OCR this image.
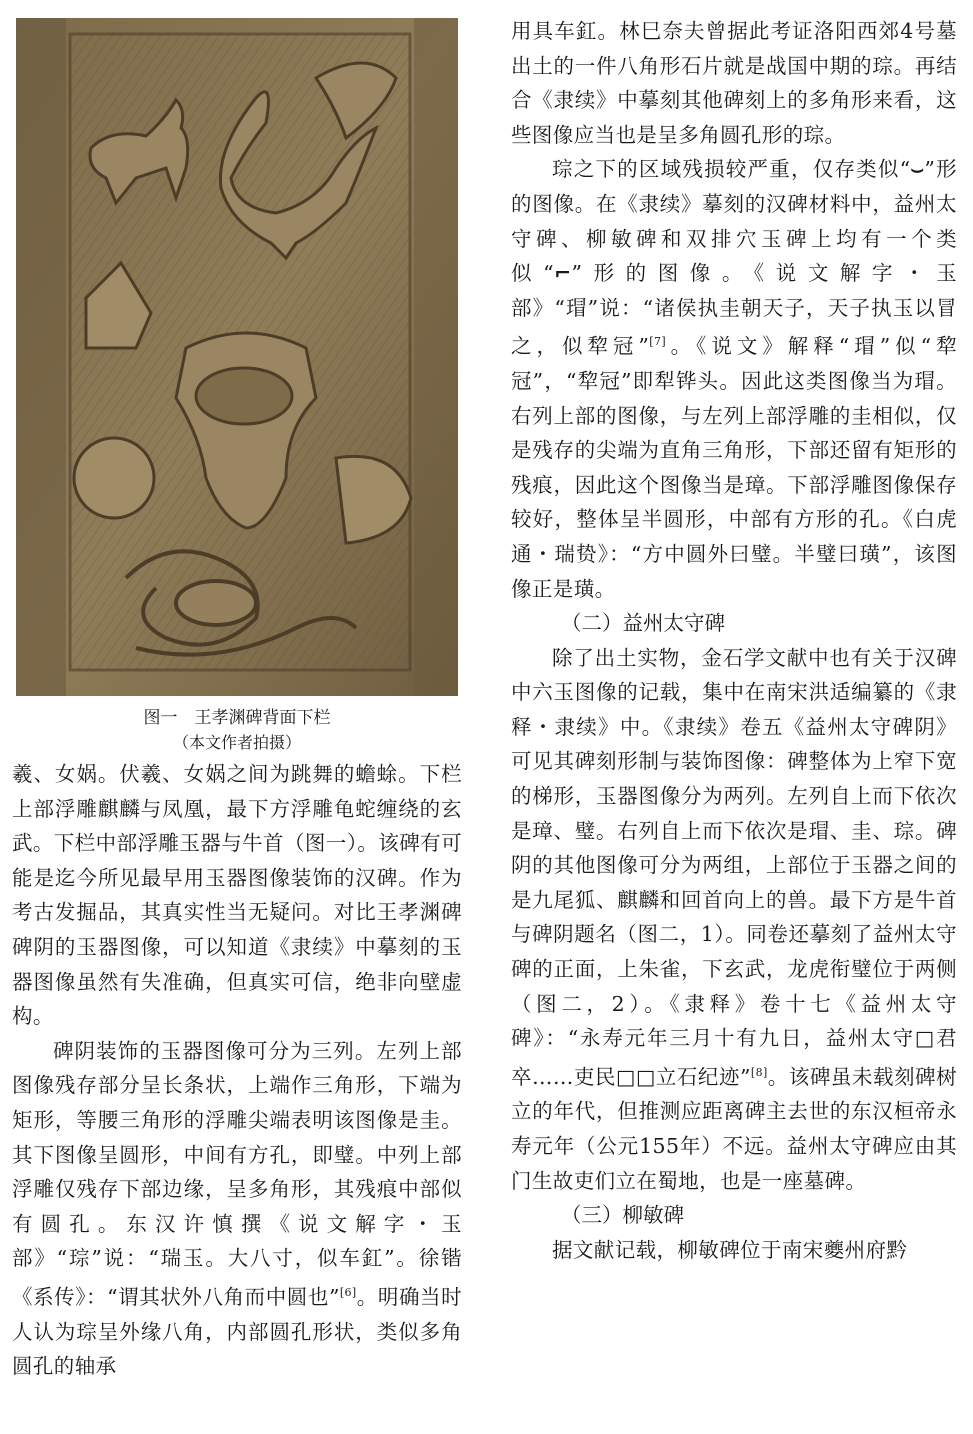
图一　王孝渊碑背面下栏
（本文作者拍摄）

羲、女娲。伏羲、女娲之间为跳舞的蟾蜍。下栏上部浮雕麒麟与凤凰，最下方浮雕龟蛇缠绕的玄武。下栏中部浮雕玉器与牛首（图一）。该碑有可能是迄今所见最早用玉器图像装饰的汉碑。作为考古发掘品，其真实性当无疑问。对比王孝渊碑碑阴的玉器图像，可以知道《隶续》中摹刻的玉器图像虽然有失准确，但真实可信，绝非向壁虚构。

碑阴装饰的玉器图像可分为三列。左列上部图像残存部分呈长条状，上端作三角形，下端为矩形，等腰三角形的浮雕尖端表明该图像是圭。其下图像呈圆形，中间有方孔，即璧。中列上部浮雕仅残存下部边缘，呈多角形，其残痕中部似有圆孔。东汉许慎撰《说文解字・玉部》“琮”说：“瑞玉。大八寸，似车釭”。徐锴《系传》：“谓其状外八角而中圆也”[6]。明确当时人认为琮呈外缘八角，内部圆孔形状，类似多角圆孔的轴承

用具车釭。林巳奈夫曾据此考证洛阳西郊4号墓出土的一件八角形石片就是战国中期的琮。再结合《隶续》中摹刻其他碑刻上的多角形来看，这些图像应当也是呈多角圆孔形的琮。

琮之下的区域残损较严重，仅存类似“⌣”形的图像。在《隶续》摹刻的汉碑材料中，益州太守碑、柳敏碑和双排穴玉碑上均有一个类似“⌐”形的图像。《说文解字・玉部》“瑁”说：“诸侯执圭朝天子，天子执玉以冒之，似犂冠”[7]。《说文》解释“瑁”似“犂冠”，“犂冠”即犁铧头。因此这类图像当为瑁。右列上部的图像，与左列上部浮雕的圭相似，仅是残存的尖端为直角三角形，下部还留有矩形的残痕，因此这个图像当是璋。下部浮雕图像保存较好，整体呈半圆形，中部有方形的孔。《白虎通・瑞贽》：“方中圆外曰璧。半璧曰璜”，该图像正是璜。

（二）益州太守碑

除了出土实物，金石学文献中也有关于汉碑中六玉图像的记载，集中在南宋洪适编纂的《隶释・隶续》中。《隶续》卷五《益州太守碑阴》可见其碑刻形制与装饰图像：碑整体为上窄下宽的梯形，玉器图像分为两列。左列自上而下依次是璋、璧。右列自上而下依次是瑁、圭、琮。碑阴的其他图像可分为两组，上部位于玉器之间的是九尾狐、麒麟和回首向上的兽。最下方是牛首与碑阴题名（图二，1）。同卷还摹刻了益州太守碑的正面，上朱雀，下玄武，龙虎衔璧位于两侧（图二，2）。《隶释》卷十七《益州太守碑》：“永寿元年三月十有九日，益州太守□君卒……吏民□□立石纪迹”[8]。该碑虽未载刻碑树立的年代，但推测应距离碑主去世的东汉桓帝永寿元年（公元155年）不远。益州太守碑应由其门生故吏们立在蜀地，也是一座墓碑。

（三）柳敏碑

据文献记载，柳敏碑位于南宋夔州府黔
